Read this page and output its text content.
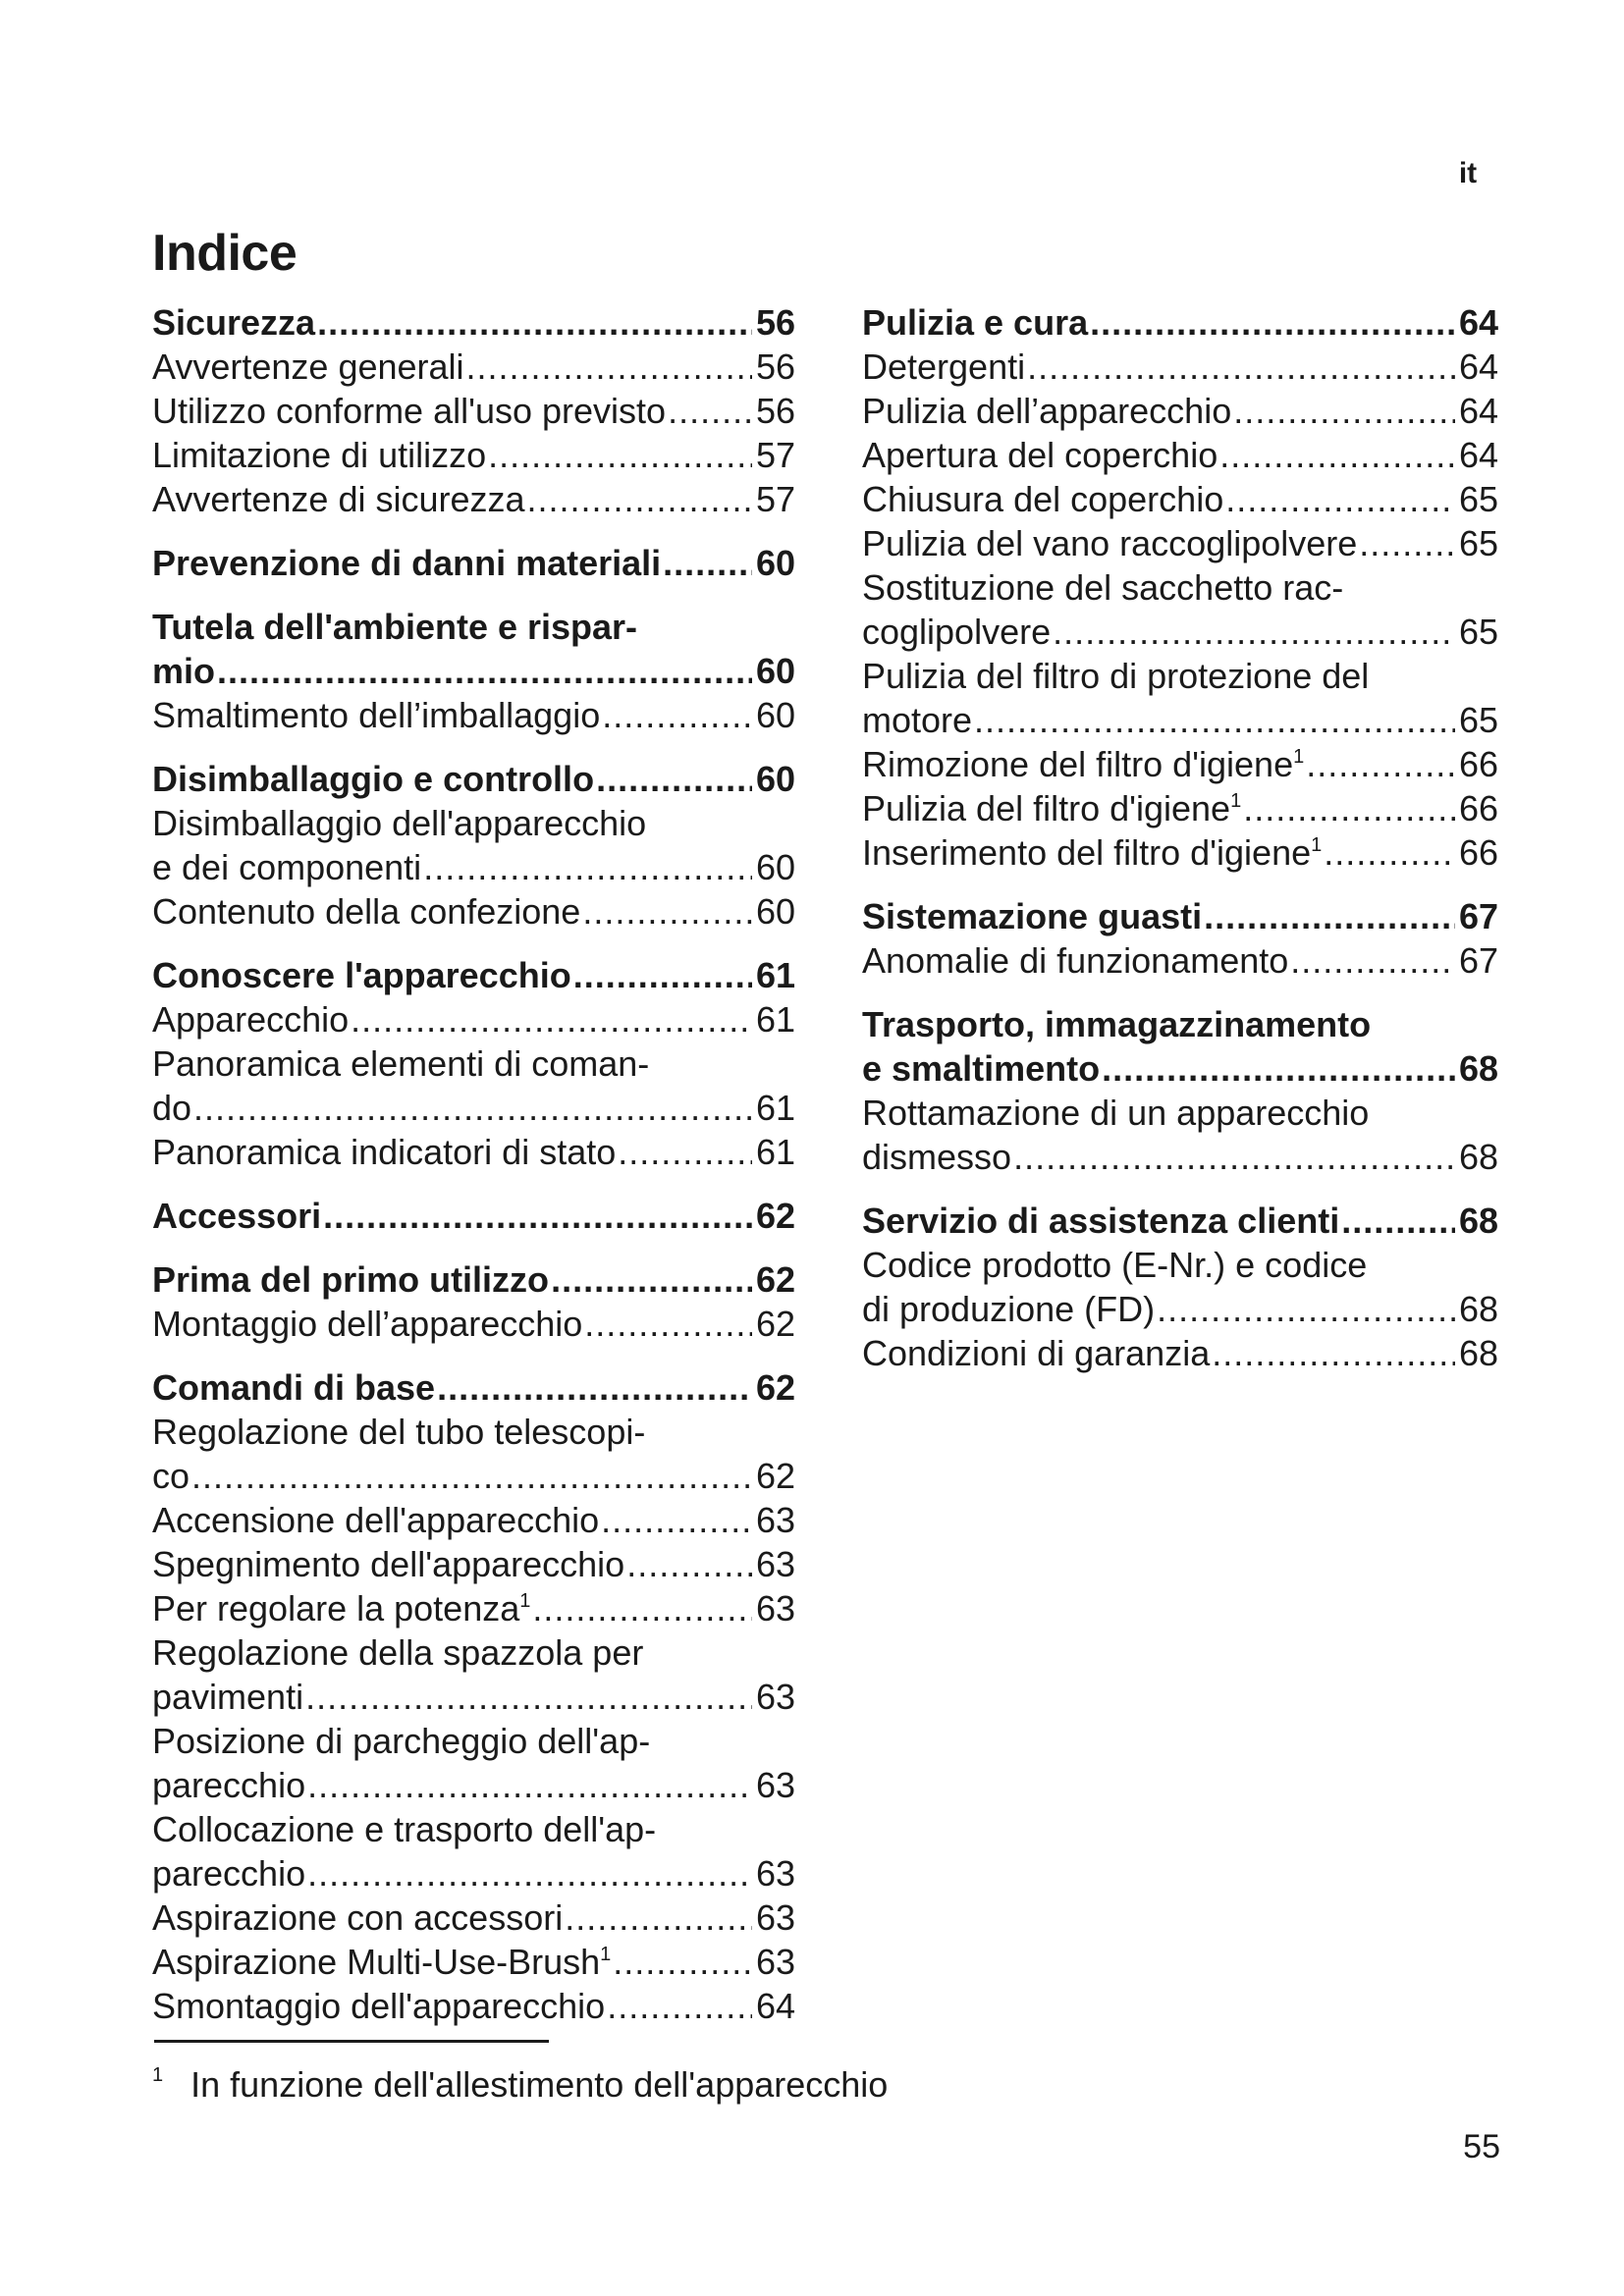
it
Indice
Sicurezza .....	56
Avvertenze generali .....	56
Utilizzo conforme all'uso previsto .....	56
Limitazione di utilizzo .....	57
Avvertenze di sicurezza .....	57
Prevenzione di danni materiali .....	60
Tutela dell'ambiente e rispar-
mio .....	60
Smaltimento dell’imballaggio .....	60
Disimballaggio e controllo .....	60
Disimballaggio dell'apparecchio
e dei componenti .....	60
Contenuto della confezione .....	60
Conoscere l'apparecchio .....	61
Apparecchio .....	61
Panoramica elementi di coman-
do .....	61
Panoramica indicatori di stato .....	61
Accessori .....	62
Prima del primo utilizzo .....	62
Montaggio dell’apparecchio .....	62
Comandi di base .....	62
Regolazione del tubo telescopi-
co .....	62
Accensione dell'apparecchio .....	63
Spegnimento dell'apparecchio .....	63
Per regolare la potenza$^1$ .....	63
Regolazione della spazzola per
pavimenti .....	63
Posizione di parcheggio dell'ap-
parecchio .....	63
Collocazione e trasporto dell'ap-
parecchio .....	63
Aspirazione con accessori .....	63
Aspirazione Multi-Use-Brush$^1$ .....	63
Smontaggio dell'apparecchio .....	64
Pulizia e cura .....	64
Detergenti .....	64
Pulizia dell’apparecchio .....	64
Apertura del coperchio .....	64
Chiusura del coperchio .....	65
Pulizia del vano raccoglipolvere .....	65
Sostituzione del sacchetto rac-
coglipolvere .....	65
Pulizia del filtro di protezione del
motore .....	65
Rimozione del filtro d'igiene$^1$ .....	66
Pulizia del filtro d'igiene$^1$ .....	66
Inserimento del filtro d'igiene$^1$ .....	66
Sistemazione guasti .....	67
Anomalie di funzionamento .....	67
Trasporto, immagazzinamento
e smaltimento .....	68
Rottamazione di un apparecchio
dismesso .....	68
Servizio di assistenza clienti .....	68
Codice prodotto (E-Nr.) e codice
di produzione (FD) .....	68
Condizioni di garanzia .....	68
$^1$ In funzione dell'allestimento dell'apparecchio
55
